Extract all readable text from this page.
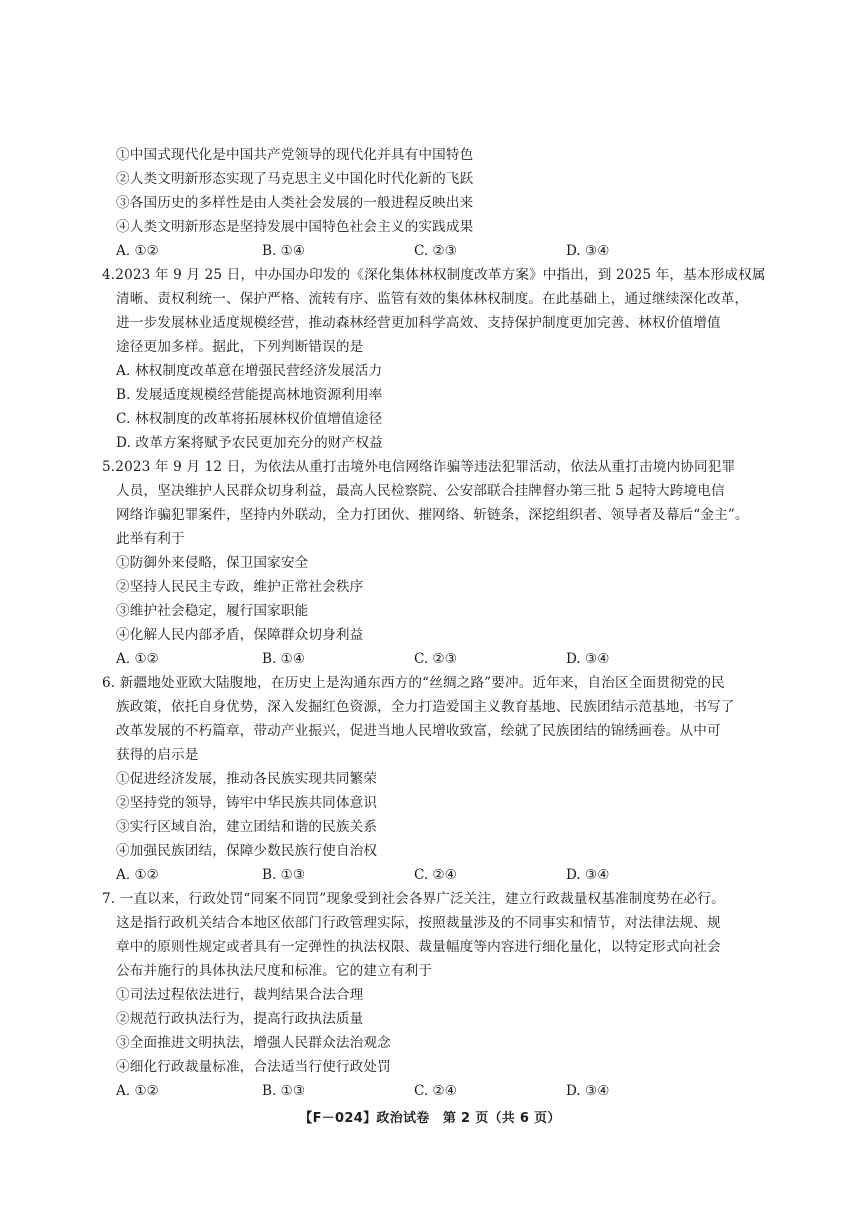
①中国式现代化是中国共产党领导的现代化并具有中国特色
②人类文明新形态实现了马克思主义中国化时代化新的飞跃
③各国历史的多样性是由人类社会发展的一般进程反映出来
④人类文明新形态是坚持发展中国特色社会主义的实践成果
A. ①②	B. ①④	C. ②③	D. ③④
4.2023 年 9 月 25 日，中办国办印发的《深化集体林权制度改革方案》中指出，到 2025 年，基本形成权属
清晰、责权利统一、保护严格、流转有序、监管有效的集体林权制度。在此基础上，通过继续深化改革，
进一步发展林业适度规模经营，推动森林经营更加科学高效、支持保护制度更加完善、林权价值增值
途径更加多样。据此，下列判断错误的是
A. 林权制度改革意在增强民营经济发展活力
B. 发展适度规模经营能提高林地资源利用率
C. 林权制度的改革将拓展林权价值增值途径
D. 改革方案将赋予农民更加充分的财产权益
5.2023 年 9 月 12 日，为依法从重打击境外电信网络诈骗等违法犯罪活动，依法从重打击境内协同犯罪
人员，坚决维护人民群众切身利益，最高人民检察院、公安部联合挂牌督办第三批 5 起特大跨境电信
网络诈骗犯罪案件，坚持内外联动，全力打团伙、摧网络、斩链条，深挖组织者、领导者及幕后“金主”。
此举有利于
①防御外来侵略，保卫国家安全
②坚持人民民主专政，维护正常社会秩序
③维护社会稳定，履行国家职能
④化解人民内部矛盾，保障群众切身利益
A. ①②	B. ①④	C. ②③	D. ③④
6. 新疆地处亚欧大陆腹地，在历史上是沟通东西方的“丝绸之路”要冲。近年来，自治区全面贯彻党的民
族政策，依托自身优势，深入发掘红色资源，全力打造爱国主义教育基地、民族团结示范基地，书写了
改革发展的不朽篇章，带动产业振兴，促进当地人民增收致富，绘就了民族团结的锦绣画卷。从中可
获得的启示是
①促进经济发展，推动各民族实现共同繁荣
②坚持党的领导，铸牢中华民族共同体意识
③实行区域自治，建立团结和谐的民族关系
④加强民族团结，保障少数民族行使自治权
A. ①②	B. ①③	C. ②④	D. ③④
7. 一直以来，行政处罚“同案不同罚”现象受到社会各界广泛关注，建立行政裁量权基准制度势在必行。
这是指行政机关结合本地区依部门行政管理实际，按照裁量涉及的不同事实和情节，对法律法规、规
章中的原则性规定或者具有一定弹性的执法权限、裁量幅度等内容进行细化量化，以特定形式向社会
公布并施行的具体执法尺度和标准。它的建立有利于
①司法过程依法进行，裁判结果合法合理
②规范行政执法行为，提高行政执法质量
③全面推进文明执法，增强人民群众法治观念
④细化行政裁量标准，合法适当行使行政处罚
A. ①②	B. ①③	C. ②④	D. ③④
【F－024】政治试卷　第 2 页（共 6 页）
